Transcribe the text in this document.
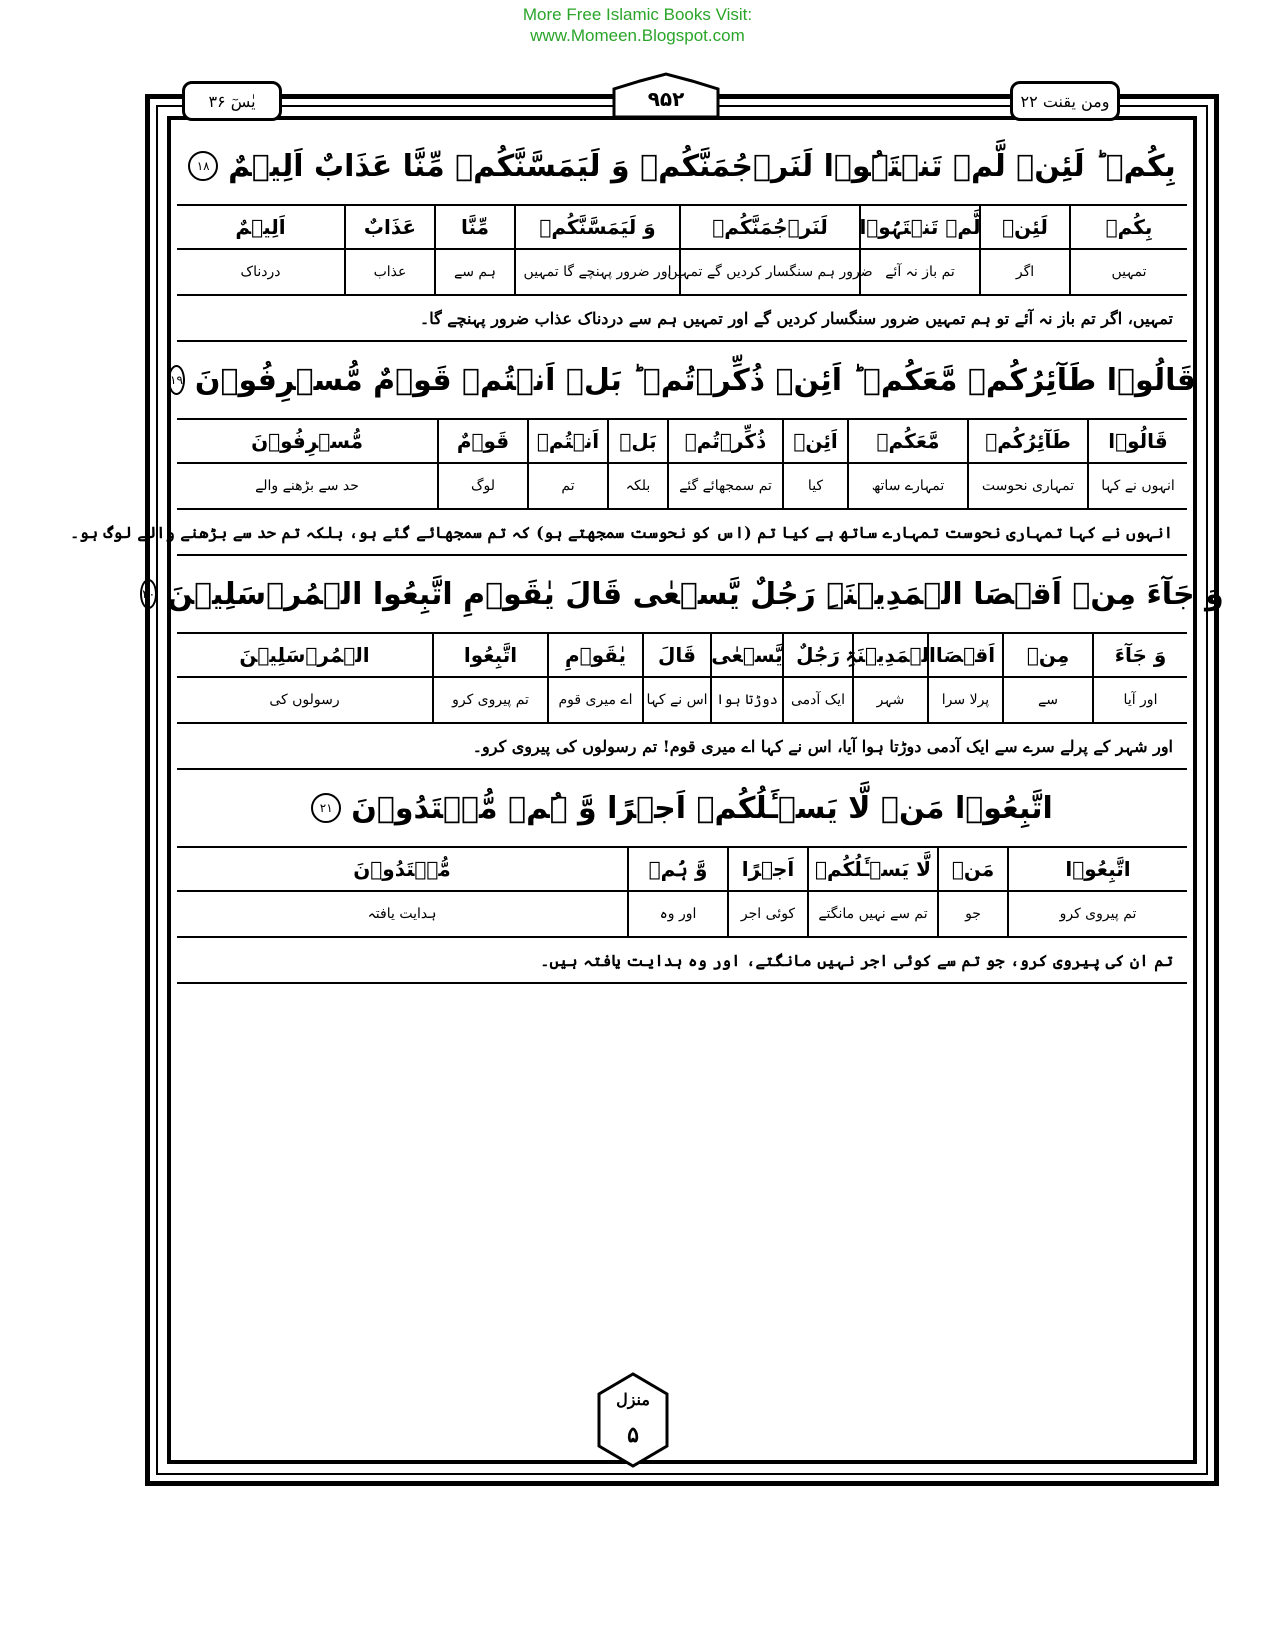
More Free Islamic Books Visit:
www.Momeen.Blogspot.com
یٰسٓ ۳۶	۹۵۲	ومن یقنت ۲۲
بِکُمۡ ؕ لَئِنۡ لَّمۡ تَنۡتَہُوۡا لَنَرۡجُمَنَّکُمۡ وَ لَیَمَسَّنَّکُمۡ مِّنَّا عَذَابٌ اَلِیۡمٌ
۱۸
بِکُمۡ
لَئِنۡ
لَّمۡ تَنۡتَہُوۡا
لَنَرۡجُمَنَّکُمۡ
وَ لَیَمَسَّنَّکُمۡ
مِّنَّا
عَذَابٌ
اَلِیۡمٌ
تمہیں
اگر
تم باز نہ آئے
ضرور ہم سنگسار کردیں گے تمہیں
اور ضرور پہنچے گا تمہیں
ہم سے
عذاب
دردناک
تمہیں، اگر تم باز نہ آئے تو ہم تمہیں ضرور سنگسار کردیں گے اور تمہیں ہم سے دردناک عذاب ضرور پہنچے گا۔
قَالُوۡا طَآئِرُکُمۡ مَّعَکُمۡ ؕ اَئِنۡ ذُکِّرۡتُمۡ ؕ بَلۡ اَنۡتُمۡ قَوۡمٌ مُّسۡرِفُوۡنَ
۱۹
قَالُوۡا
طَآئِرُکُمۡ
مَّعَکُمۡ
اَئِنۡ
ذُکِّرۡتُمۡ
بَلۡ
اَنۡتُمۡ
قَوۡمٌ
مُّسۡرِفُوۡنَ
انہوں نے کہا
تمہاری نحوست
تمہارے ساتھ
کیا
تم سمجھائے گئے
بلکہ
تم
لوگ
حد سے بڑھنے والے
انہوں نے کہا تمہاری نحوست تمہارے ساتھ ہے کیا تم (اس کو نحوست سمجھتے ہو) کہ تم سمجھائے گئے ہو، بلکہ تم حد سے بڑھنے والے لوگ ہو۔
وَ جَآءَ مِنۡ اَقۡصَا الۡمَدِیۡنَۃِ رَجُلٌ یَّسۡعٰی قَالَ یٰقَوۡمِ اتَّبِعُوا الۡمُرۡسَلِیۡنَ
۲۰
وَ جَآءَ
مِنۡ
اَقۡصَا
الۡمَدِیۡنَۃِ
رَجُلٌ
یَّسۡعٰی
قَالَ
یٰقَوۡمِ
اتَّبِعُوا
الۡمُرۡسَلِیۡنَ
اور آیا
سے
پرلا سرا
شہر
ایک آدمی
دوڑتا ہوا
اس نے کہا
اے میری قوم
تم پیروی کرو
رسولوں کی
اور شہر کے پرلے سرے سے ایک آدمی دوڑتا ہوا آیا، اس نے کہا اے میری قوم! تم رسولوں کی پیروی کرو۔
اتَّبِعُوۡا مَنۡ لَّا یَسۡـَٔلُکُمۡ اَجۡرًا وَّ ہُمۡ مُّہۡتَدُوۡنَ
۲۱
اتَّبِعُوۡا
مَنۡ
لَّا یَسۡـَٔلُکُمۡ
اَجۡرًا
وَّ ہُمۡ
مُّہۡتَدُوۡنَ
تم پیروی کرو
جو
تم سے نہیں مانگتے
کوئی اجر
اور وہ
ہدایت یافتہ
تم ان کی پیروی کرو، جو تم سے کوئی اجر نہیں مانگتے، اور وہ ہدایت یافتہ ہیں۔
منزل
۵
